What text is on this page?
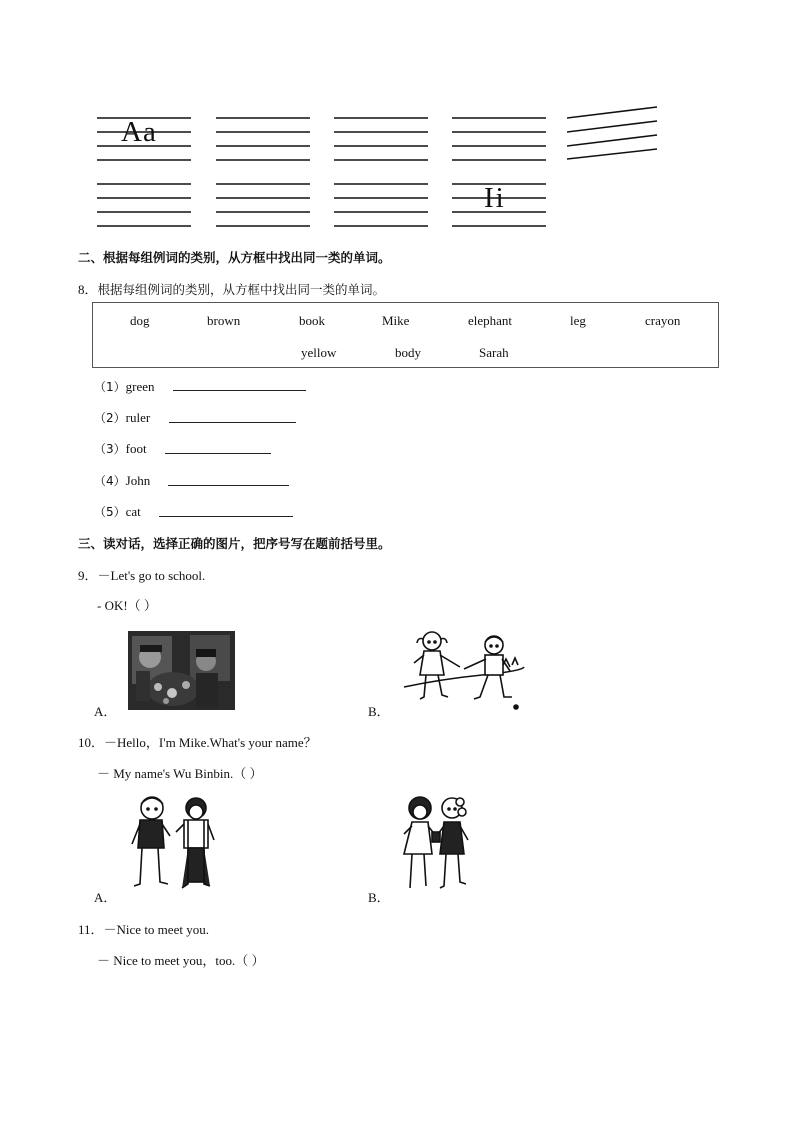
Aa
Ii
二、根据每组例词的类别，从方框中找出同一类的单词。
8．根据每组例词的类别，从方框中找出同一类的单词。
dog	brown	book	Mike	elephant	leg	crayon
yellow	body	Sarah
（1）green
（2）ruler
（3）foot
（4）John
（5）cat
三、读对话，选择正确的图片，把序号写在题前括号里。
9．－Let's go to school.
- OK!（ ）
A．	B．
10．－Hello，I'm Mike.What's your name？
－ My name's Wu Binbin.（ ）
A．	B．
11．－Nice to meet you.
－ Nice to meet you，too.（ ）
